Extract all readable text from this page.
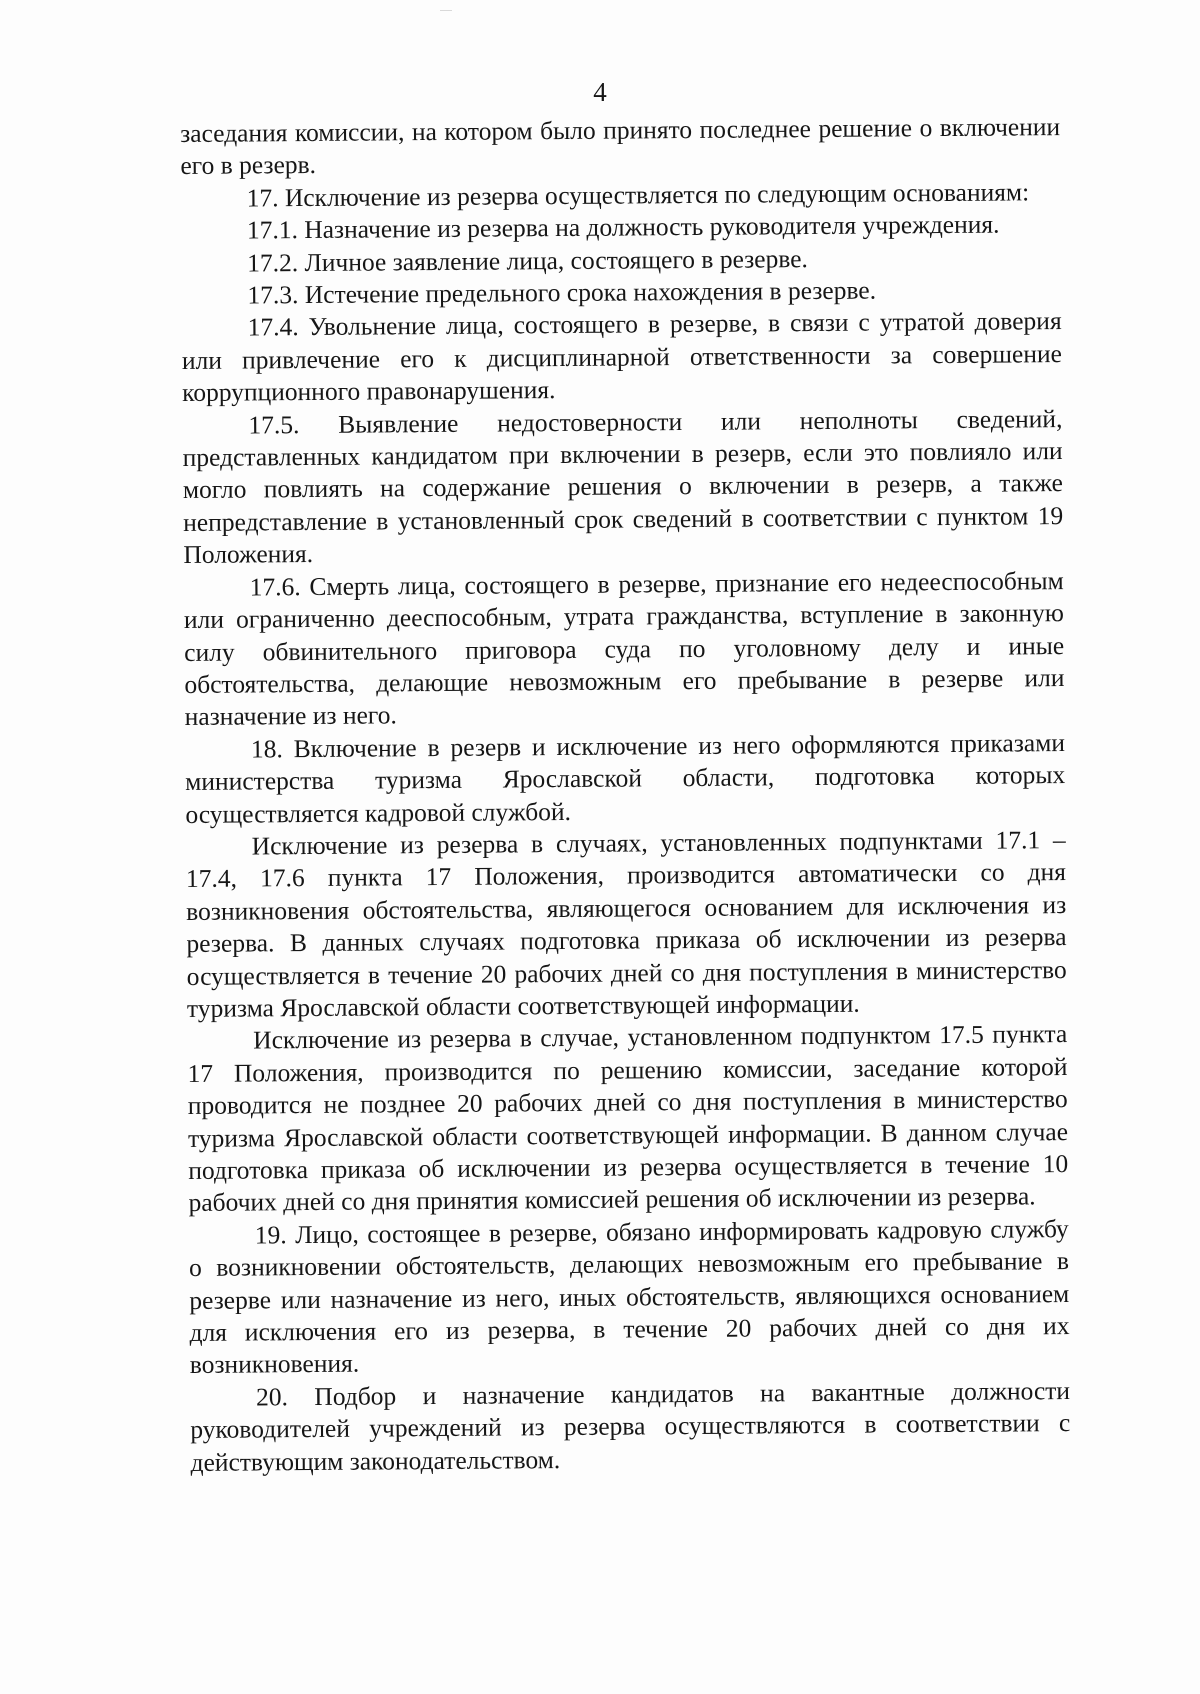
4

заседания комиссии, на котором было принято последнее решение о включении его в резерв.

17. Исключение из резерва осуществляется по следующим основаниям:

17.1. Назначение из резерва на должность руководителя учреждения.

17.2. Личное заявление лица, состоящего в резерве.

17.3. Истечение предельного срока нахождения в резерве.

17.4. Увольнение лица, состоящего в резерве, в связи с утратой доверия или привлечение его к дисциплинарной ответственности за совершение коррупционного правонарушения.

17.5. Выявление недостоверности или неполноты сведений, представленных кандидатом при включении в резерв, если это повлияло или могло повлиять на содержание решения о включении в резерв, а также непредставление в установленный срок сведений в соответствии с пунктом 19 Положения.

17.6. Смерть лица, состоящего в резерве, признание его недееспособным или ограниченно дееспособным, утрата гражданства, вступление в законную силу обвинительного приговора суда по уголовному делу и иные обстоятельства, делающие невозможным его пребывание в резерве или назначение из него.

18. Включение в резерв и исключение из него оформляются приказами министерства туризма Ярославской области, подготовка которых осуществляется кадровой службой.

Исключение из резерва в случаях, установленных подпунктами 17.1 – 17.4, 17.6 пункта 17 Положения, производится автоматически со дня возникновения обстоятельства, являющегося основанием для исключения из резерва. В данных случаях подготовка приказа об исключении из резерва осуществляется в течение 20 рабочих дней со дня поступления в министерство туризма Ярославской области соответствующей информации.

Исключение из резерва в случае, установленном подпунктом 17.5 пункта 17 Положения, производится по решению комиссии, заседание которой проводится не позднее 20 рабочих дней со дня поступления в министерство туризма Ярославской области соответствующей информации. В данном случае подготовка приказа об исключении из резерва осуществляется в течение 10 рабочих дней со дня принятия комиссией решения об исключении из резерва.

19. Лицо, состоящее в резерве, обязано информировать кадровую службу о возникновении обстоятельств, делающих невозможным его пребывание в резерве или назначение из него, иных обстоятельств, являющихся основанием для исключения его из резерва, в течение 20 рабочих дней со дня их возникновения.

20. Подбор и назначение кандидатов на вакантные должности руководителей учреждений из резерва осуществляются в соответствии с действующим законодательством.
